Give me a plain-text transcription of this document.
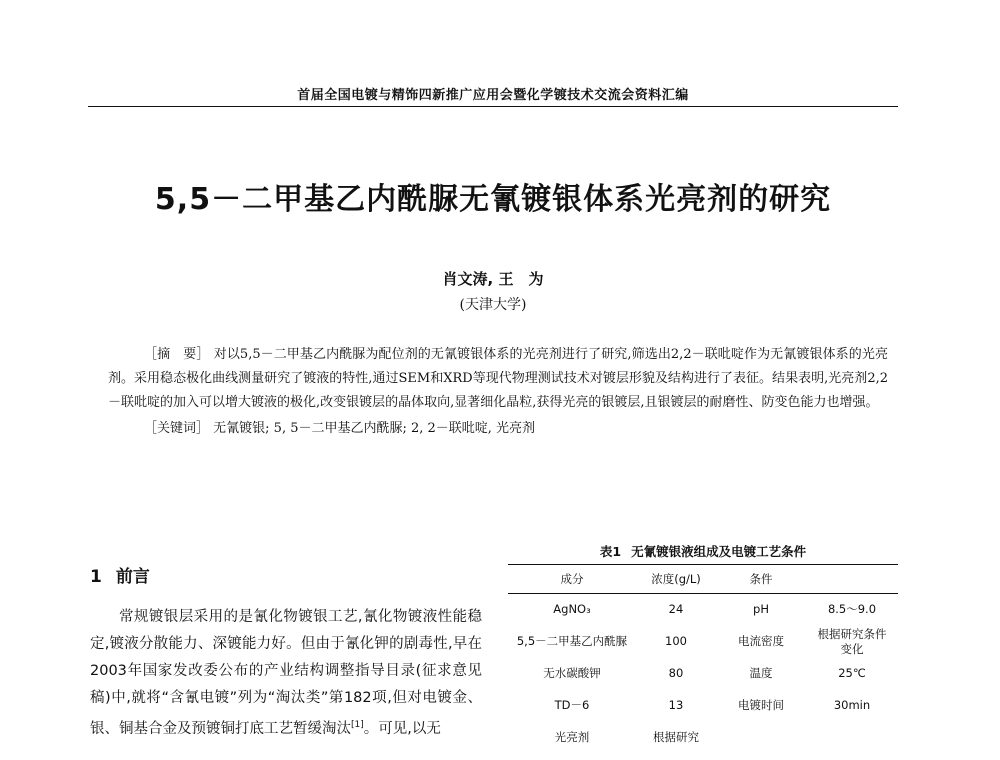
首届全国电镀与精饰四新推广应用会暨化学镀技术交流会资料汇编
5,5－二甲基乙内酰脲无氰镀银体系光亮剂的研究
肖文涛, 王　为
(天津大学)

［摘　要］ 对以5,5－二甲基乙内酰脲为配位剂的无氰镀银体系的光亮剂进行了研究,筛选出2,2－联吡啶作为无氰镀银体系的光亮剂。采用稳态极化曲线测量研究了镀液的特性,通过SEM和XRD等现代物理测试技术对镀层形貌及结构进行了表征。结果表明,光亮剂2,2－联吡啶的加入可以增大镀液的极化,改变银镀层的晶体取向,显著细化晶粒,获得光亮的银镀层,且银镀层的耐磨性、防变色能力也增强。

［关键词］ 无氰镀银; 5, 5－二甲基乙内酰脲; 2, 2－联吡啶, 光亮剂

1 前言

常规镀银层采用的是氰化物镀银工艺,氰化物镀液性能稳定,镀液分散能力、深镀能力好。但由于氰化钾的剧毒性,早在2003年国家发改委公布的产业结构调整指导目录(征求意见稿)中,就将“含氰电镀”列为“淘汰类”第182项,但对电镀金、银、铜基合金及预镀铜打底工艺暂缓淘汰[1]。可见,以无

表1 无氰镀银液组成及电镀工艺条件
成分	浓度(g/L)	条件	
AgNO₃	24	pH	8.5～9.0
5,5－二甲基乙内酰脲	100	电流密度	根据研究条件变化
无水碳酸钾	80	温度	25℃
TD－6	13	电镀时间	30min
光亮剂	根据研究		
